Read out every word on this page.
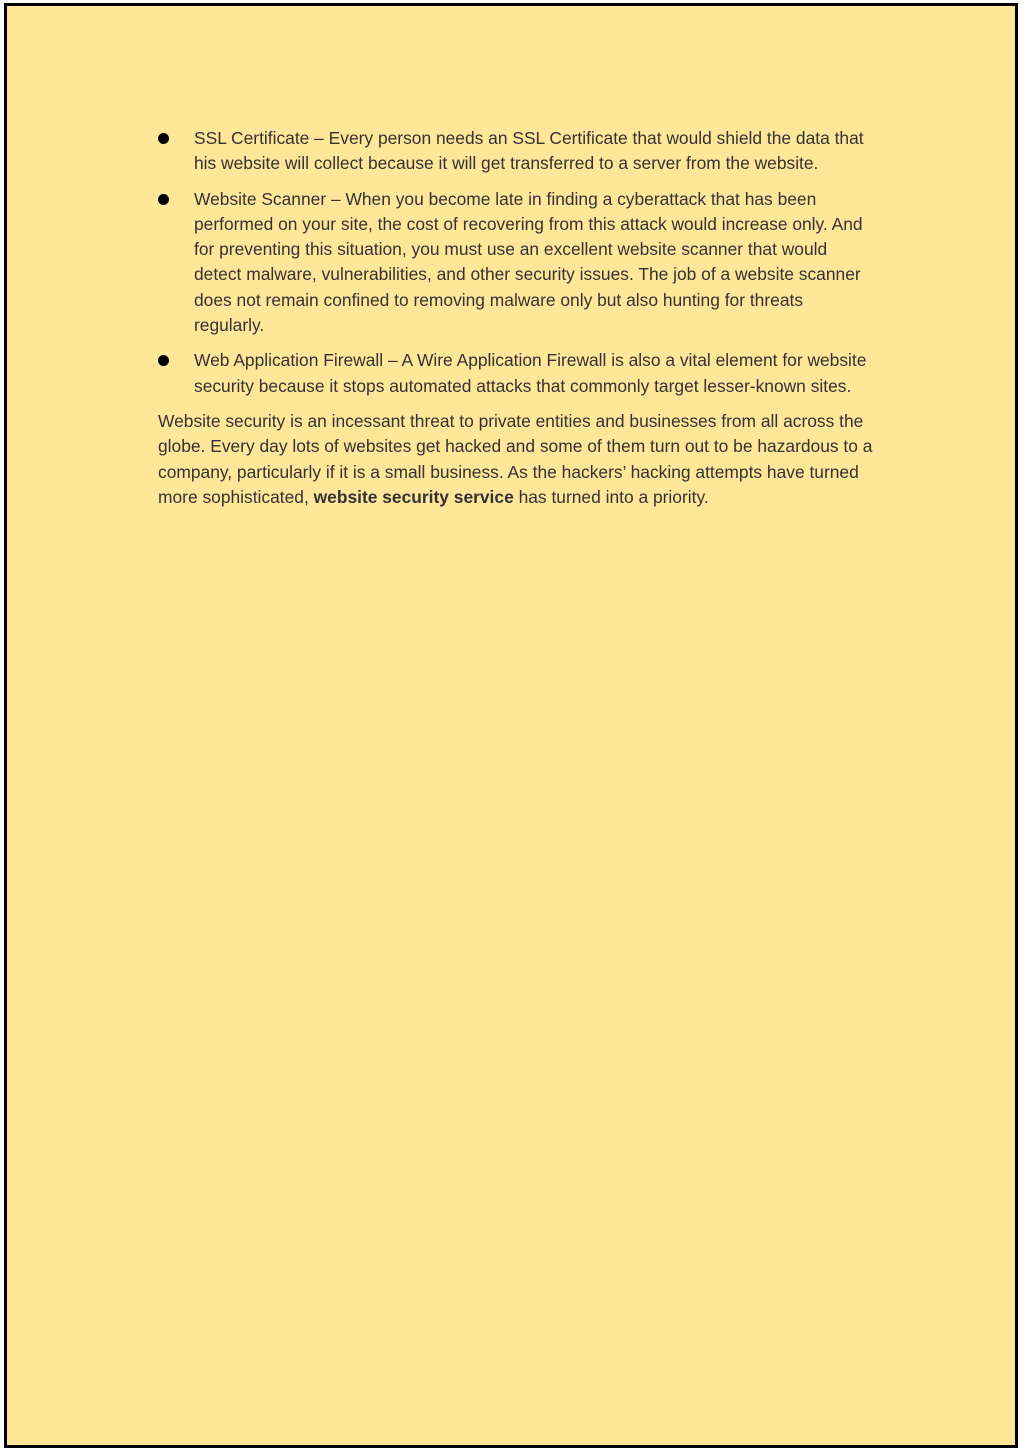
SSL Certificate – Every person needs an SSL Certificate that would shield the data that his website will collect because it will get transferred to a server from the website.
Website Scanner – When you become late in finding a cyberattack that has been performed on your site, the cost of recovering from this attack would increase only. And for preventing this situation, you must use an excellent website scanner that would detect malware, vulnerabilities, and other security issues. The job of a website scanner does not remain confined to removing malware only but also hunting for threats regularly.
Web Application Firewall – A Wire Application Firewall is also a vital element for website security because it stops automated attacks that commonly target lesser-known sites.

Website security is an incessant threat to private entities and businesses from all across the globe. Every day lots of websites get hacked and some of them turn out to be hazardous to a company, particularly if it is a small business. As the hackers’ hacking attempts have turned more sophisticated, website security service has turned into a priority.
